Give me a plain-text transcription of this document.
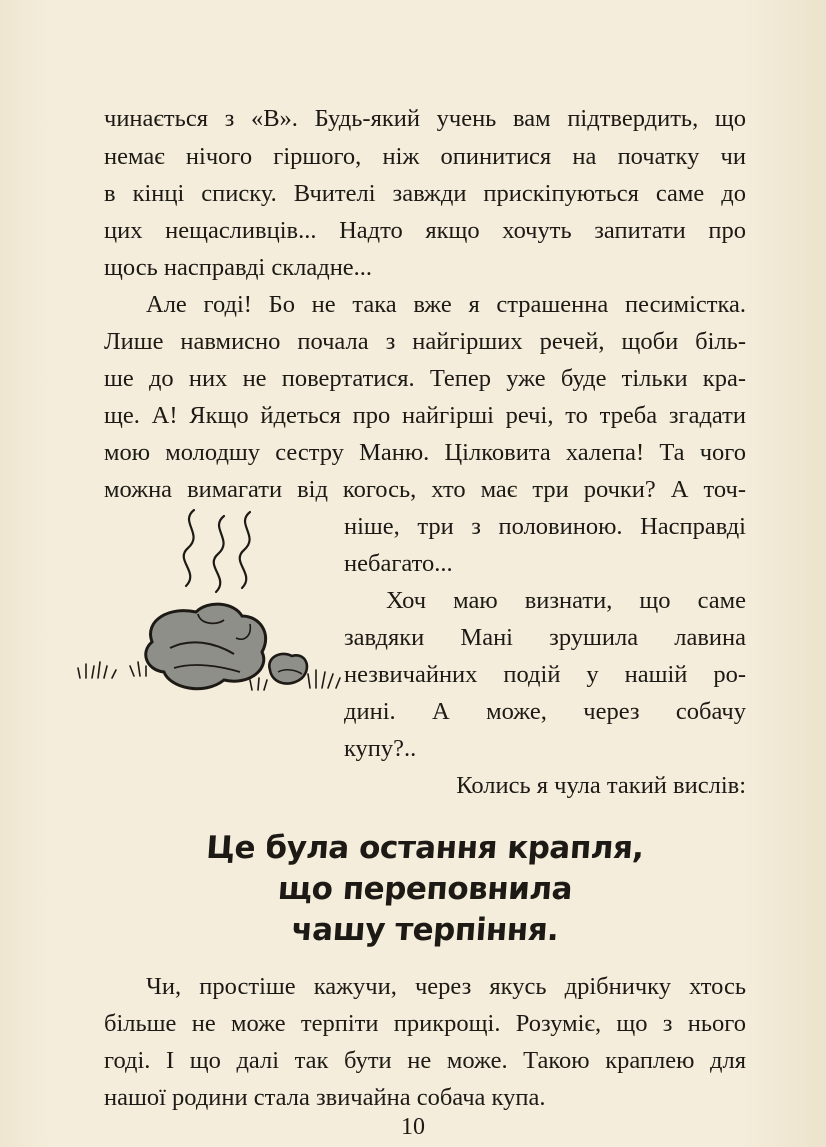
чинається з «В». Будь-який учень вам підтвердить, що
немає нічого гіршого, ніж опинитися на початку чи
в кінці списку. Вчителі завжди прискіпуються саме до
цих нещасливців... Надто якщо хочуть запитати про
щось насправді складне...
Але годі! Бо не така вже я страшенна песимістка.
Лише навмисно почала з найгірших речей, щоби біль-
ше до них не повертатися. Тепер уже буде тільки кра-
ще. А! Якщо йдеться про найгірші речі, то треба згадати
мою молодшу сестру Маню. Цілковита халепа! Та чого
можна вимагати від когось, хто має три рочки? А точ-
ніше, три з половиною. Насправді
небагато...
Хоч маю визнати, що саме
завдяки Мані зрушила лавина
незвичайних подій у нашій ро-
дині. А може, через собачу
купу?..
Колись я чула такий вислів:
Це була остання крапля,
що переповнила
чашу терпіння.
Чи, простіше кажучи, через якусь дрібничку хтось
більше не може терпіти прикрощі. Розуміє, що з нього
годі. І що далі так бути не може. Такою краплею для
нашої родини стала звичайна собача купа.
10
